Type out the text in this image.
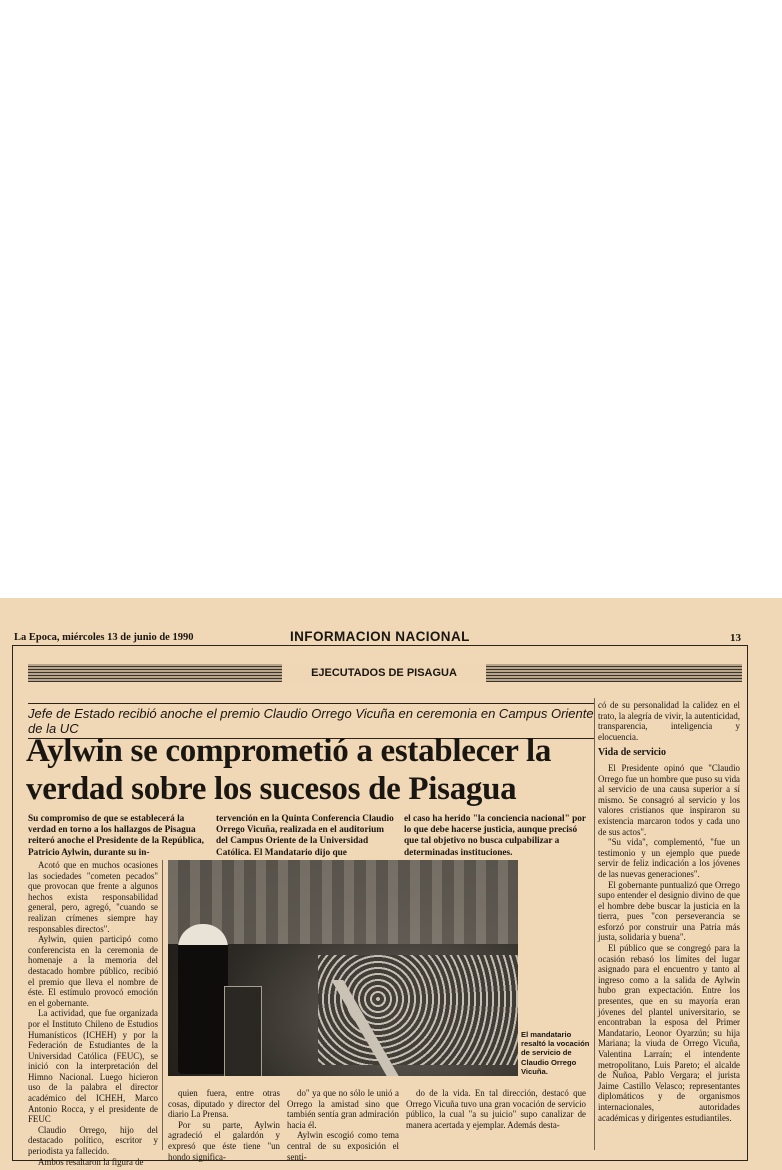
La Epoca, miércoles 13 de junio de 1990	INFORMACION NACIONAL	13
EJECUTADOS DE PISAGUA
Jefe de Estado recibió anoche el premio Claudio Orrego Vicuña en ceremonia en Campus Oriente de la UC
Aylwin se comprometió a establecer la
verdad sobre los sucesos de Pisagua
Su compromiso de que se establecerá la verdad en torno a los hallazgos de Pisagua reiteró anoche el Presidente de la República, Patricio Aylwin, durante su in-
tervención en la Quinta Conferencia Claudio Orrego Vicuña, realizada en el auditorium del Campus Oriente de la Universidad Católica. El Mandatario dijo que
el caso ha herido "la conciencia nacional" por lo que debe hacerse justicia, aunque precisó que tal objetivo no busca culpabilizar a determinadas instituciones.
El mandatario resaltó la vocación de servicio de Claudio Orrego Vicuña.

Acotó que en muchos ocasiones las sociedades "cometen pecados" que provocan que frente a algunos hechos exista responsabilidad general, pero, agregó, "cuando se realizan crímenes siempre hay responsables directos".

Aylwin, quien participó como conferencista en la ceremonia de homenaje a la memoria del destacado hombre público, recibió el premio que lleva el nombre de éste. El estímulo provocó emoción en el gobernante.

La actividad, que fue organizada por el Instituto Chileno de Estudios Humanísticos (ICHEH) y por la Federación de Estudiantes de la Universidad Católica (FEUC), se inició con la interpretación del Himno Nacional. Luego hicieron uso de la palabra el director académico del ICHEH, Marco Antonio Rocca, y el presidente de FEUC

Claudio Orrego, hijo del destacado político, escritor y periodista ya fallecido.

Ambos resaltaron la figura de

quien fuera, entre otras cosas, diputado y director del diario La Prensa.

Por su parte, Aylwin agradeció el galardón y expresó que éste tiene "un hondo significa-

do" ya que no sólo le unió a Orrego la amistad sino que también sentía gran admiración hacia él.

Aylwin escogió como tema central de su exposición el senti-

do de la vida. En tal dirección, destacó que Orrego Vicuña tuvo una gran vocación de servicio público, la cual "a su juicio" supo canalizar de manera acertada y ejemplar. Además desta-

có de su personalidad la calidez en el trato, la alegría de vivir, la autenticidad, transparencia, inteligencia y elocuencia.

Vida de servicio

El Presidente opinó que "Claudio Orrego fue un hombre que puso su vida al servicio de una causa superior a sí mismo. Se consagró al servicio y los valores cristianos que inspiraron su existencia marcaron todos y cada uno de sus actos".

"Su vida", complementó, "fue un testimonio y un ejemplo que puede servir de feliz indicación a los jóvenes de las nuevas generaciones".

El gobernante puntualizó que Orrego supo entender el designio divino de que el hombre debe buscar la justicia en la tierra, pues "con perseverancia se esforzó por construir una Patria más justa, solidaria y buena".

El público que se congregó para la ocasión rebasó los límites del lugar asignado para el encuentro y tanto al ingreso como a la salida de Aylwin hubo gran expectación. Entre los presentes, que en su mayoría eran jóvenes del plantel universitario, se encontraban la esposa del Primer Mandatario, Leonor Oyarzún; su hija Mariana; la viuda de Orrego Vicuña, Valentina Larraín; el intendente metropolitano, Luis Pareto; el alcalde de Ñuñoa, Pablo Vergara; el jurista Jaime Castillo Velasco; representantes diplomáticos y de organismos internacionales, autoridades académicas y dirigentes estudiantiles.
